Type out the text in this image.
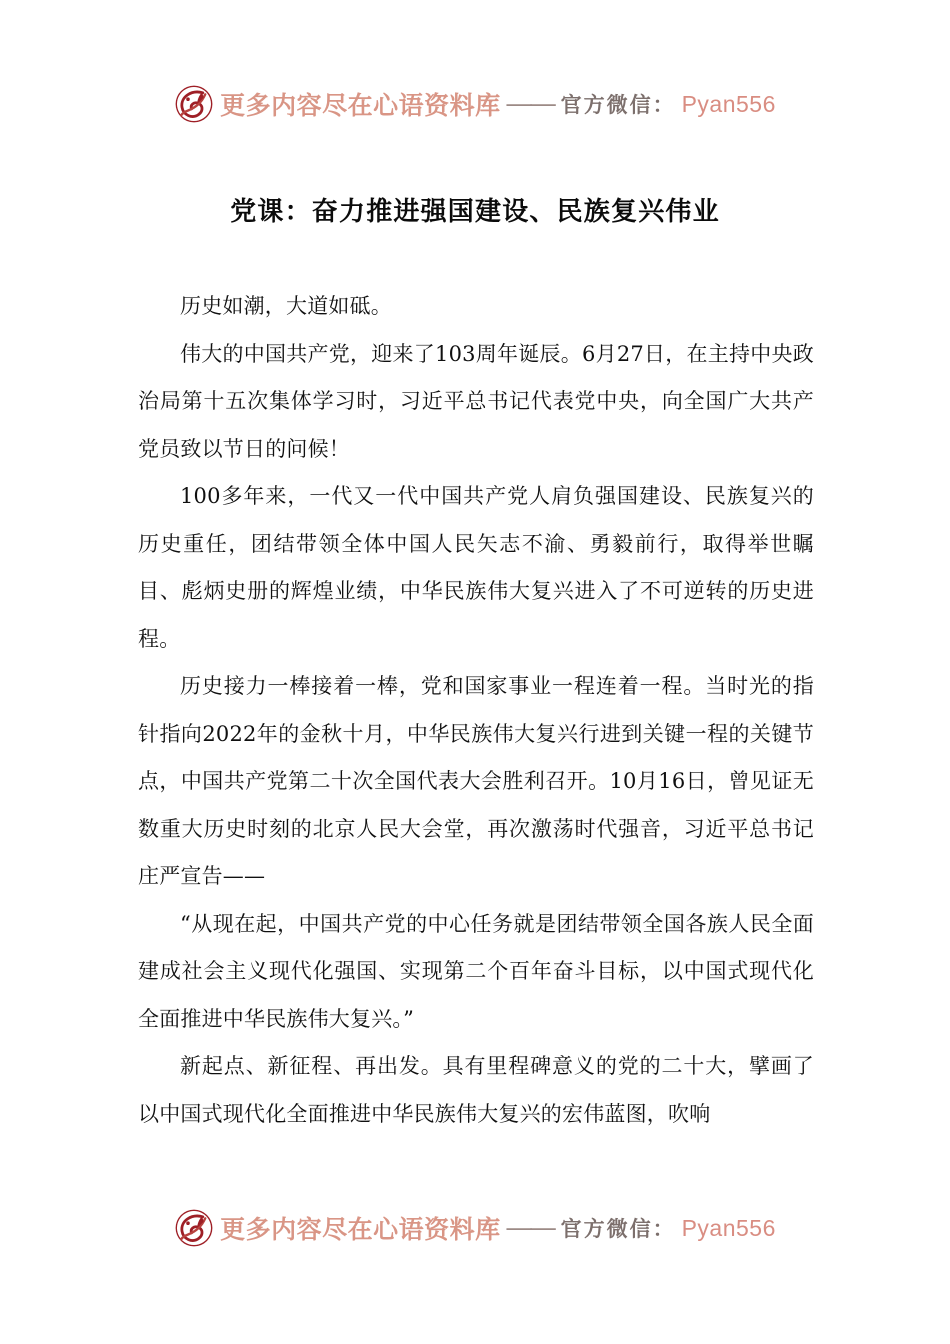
更多内容尽在心语资料库 —— 官方微信： Pyan556
党课：奋力推进强国建设、民族复兴伟业

历史如潮，大道如砥。

伟大的中国共产党，迎来了103周年诞辰。6月27日，在主持中央政治局第十五次集体学习时，习近平总书记代表党中央，向全国广大共产党员致以节日的问候！

100多年来，一代又一代中国共产党人肩负强国建设、民族复兴的历史重任，团结带领全体中国人民矢志不渝、勇毅前行，取得举世瞩目、彪炳史册的辉煌业绩，中华民族伟大复兴进入了不可逆转的历史进程。

历史接力一棒接着一棒，党和国家事业一程连着一程。当时光的指针指向2022年的金秋十月，中华民族伟大复兴行进到关键一程的关键节点，中国共产党第二十次全国代表大会胜利召开。10月16日，曾见证无数重大历史时刻的北京人民大会堂，再次激荡时代强音，习近平总书记庄严宣告——

“从现在起，中国共产党的中心任务就是团结带领全国各族人民全面建成社会主义现代化强国、实现第二个百年奋斗目标，以中国式现代化全面推进中华民族伟大复兴。”

新起点、新征程、再出发。具有里程碑意义的党的二十大，擘画了以中国式现代化全面推进中华民族伟大复兴的宏伟蓝图，吹响

更多内容尽在心语资料库 —— 官方微信： Pyan556
